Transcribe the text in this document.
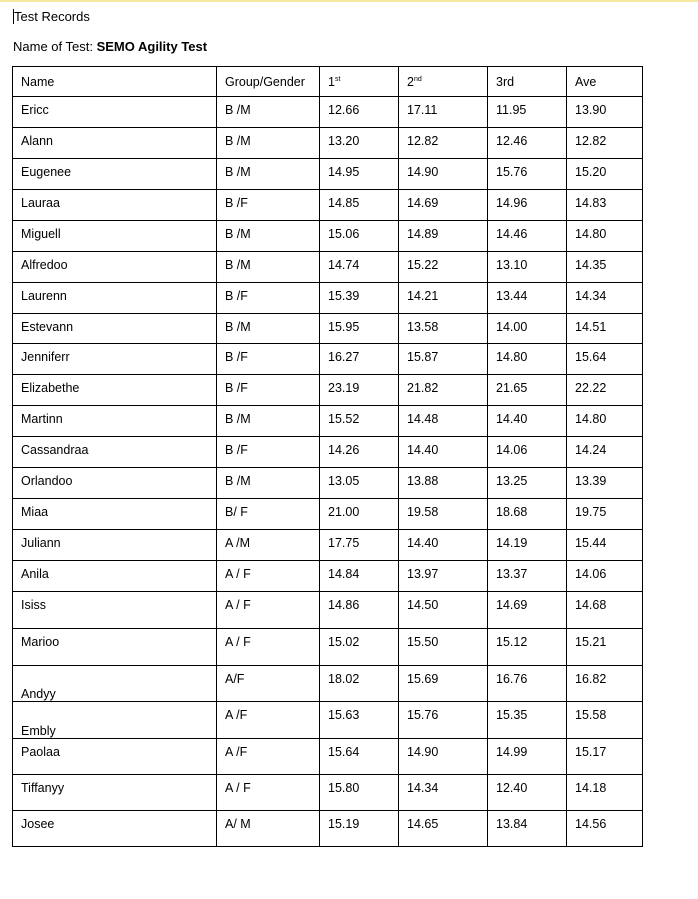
Test Records
Name of Test: SEMO Agility Test
Name	Group/Gender	1st	2nd	3rd	Ave
Ericc	B /M	12.66	17.11	11.95	13.90
Alann	B /M	13.20	12.82	12.46	12.82
Eugenee	B /M	14.95	14.90	15.76	15.20
Lauraa	B /F	14.85	14.69	14.96	14.83
Miguell	B /M	15.06	14.89	14.46	14.80
Alfredoo	B /M	14.74	15.22	13.10	14.35
Laurenn	B /F	15.39	14.21	13.44	14.34
Estevann	B /M	15.95	13.58	14.00	14.51
Jenniferr	B /F	16.27	15.87	14.80	15.64
Elizabethe	B /F	23.19	21.82	21.65	22.22
Martinn	B /M	15.52	14.48	14.40	14.80
Cassandraa	B /F	14.26	14.40	14.06	14.24
Orlandoo	B /M	13.05	13.88	13.25	13.39
Miaa	B/ F	21.00	19.58	18.68	19.75
Juliann	A /M	17.75	14.40	14.19	15.44
Anila	A / F	14.84	13.97	13.37	14.06
Isiss	A / F	14.86	14.50	14.69	14.68
Marioo	A / F	15.02	15.50	15.12	15.21
Andyy	A/F	18.02	15.69	16.76	16.82
Embly	A /F	15.63	15.76	15.35	15.58
Paolaa	A /F	15.64	14.90	14.99	15.17
Tiffanyy	A / F	15.80	14.34	12.40	14.18
Josee	A/ M	15.19	14.65	13.84	14.56
